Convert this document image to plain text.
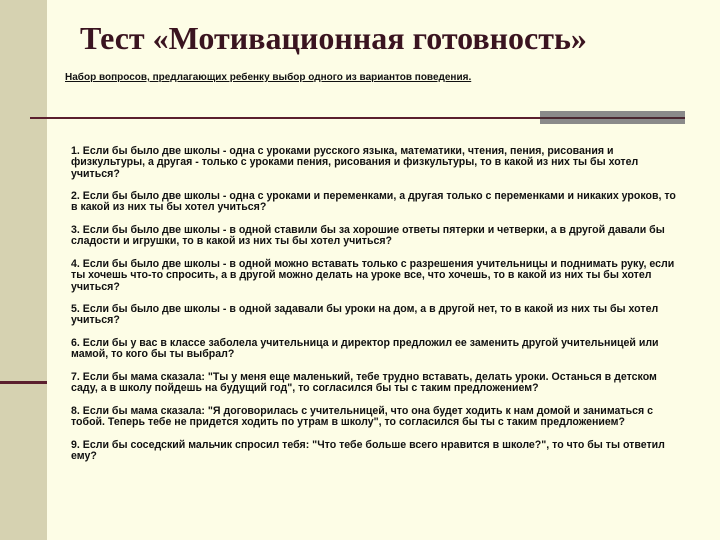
Тест «Мотивационная готовность»
Набор вопросов, предлагающих ребенку выбор одного из вариантов поведения.
1. Если бы было две школы - одна с уроками русского языка, математики, чтения, пения, рисования и физкультуры, а другая - только с уроками пения, рисования и физкультуры, то в какой из них ты бы хотел учиться?
2. Если бы было две школы - одна с уроками и переменками, а другая только с переменками и никаких уроков, то в какой из них ты бы хотел учиться?
3. Если бы было две школы - в одной ставили бы за хорошие ответы пятерки и четверки, а в другой давали бы сладости и игрушки, то в какой из них ты бы хотел учиться?
4. Если бы было две школы - в одной можно вставать только с разрешения учительницы и поднимать руку, если ты хочешь что-то спросить, а в другой можно делать на уроке все, что хочешь, то в какой из них ты бы хотел учиться?
5. Если бы было две школы - в одной задавали бы уроки на дом, а в другой нет, то в какой из них ты бы хотел учиться?
6. Если бы у вас в классе заболела учительница и директор предложил ее заменить другой учительницей или мамой, то кого бы ты выбрал?
7. Если бы мама сказала: "Ты у меня еще маленький, тебе трудно вставать, делать уроки. Останься в детском саду, а в школу пойдешь на будущий год", то согласился бы ты с таким предложением?
8. Если бы мама сказала: "Я договорилась с учительницей, что она будет ходить к нам домой и заниматься с тобой. Теперь тебе не придется ходить по утрам в школу", то согласился бы ты с таким предложением?
9. Если бы соседский мальчик спросил тебя: "Что тебе больше всего нравится в школе?", то что бы ты ответил ему?
